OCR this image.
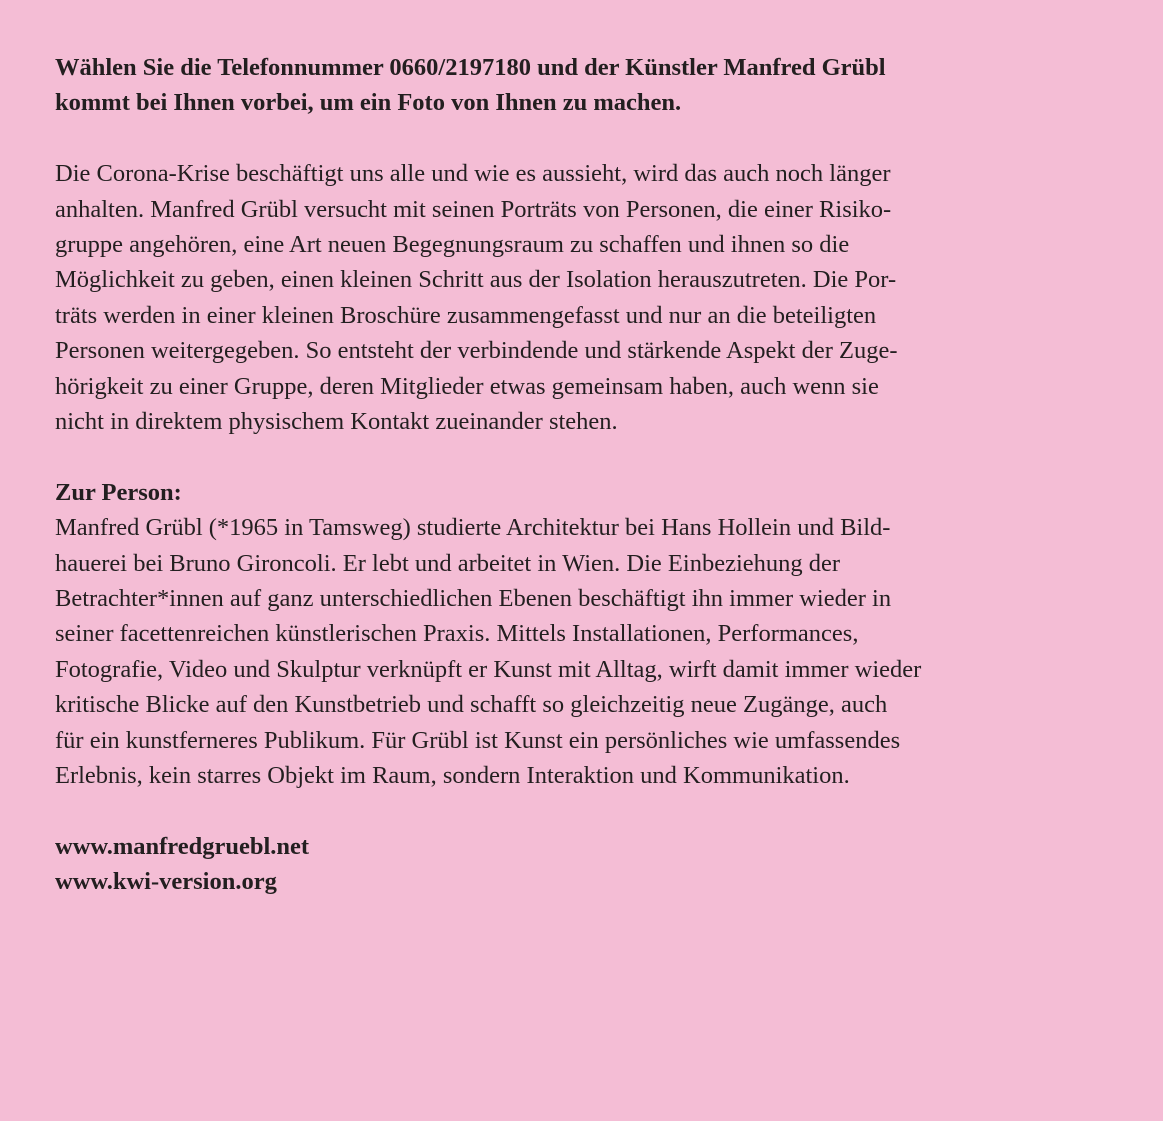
Wählen Sie die Telefonnummer 0660/2197180 und der Künstler Manfred Grübl
kommt bei Ihnen vorbei, um ein Foto von Ihnen zu machen.
Die Corona-Krise beschäftigt uns alle und wie es aussieht, wird das auch noch länger
anhalten. Manfred Grübl versucht mit seinen Porträts von Personen, die einer Risiko-
gruppe angehören, eine Art neuen Begegnungsraum zu schaffen und ihnen so die
Möglichkeit zu geben, einen kleinen Schritt aus der Isolation herauszutreten. Die Por-
träts werden in einer kleinen Broschüre zusammengefasst und nur an die beteiligten
Personen weitergegeben. So entsteht der verbindende und stärkende Aspekt der Zuge-
hörigkeit zu einer Gruppe, deren Mitglieder etwas gemeinsam haben, auch wenn sie
nicht in direktem physischem Kontakt zueinander stehen.
Zur Person:
Manfred Grübl (*1965 in Tamsweg) studierte Architektur bei Hans Hollein und Bild-
hauerei bei Bruno Gironcoli. Er lebt und arbeitet in Wien. Die Einbeziehung der
Betrachter*innen auf ganz unterschiedlichen Ebenen beschäftigt ihn immer wieder in
seiner facettenreichen künstlerischen Praxis. Mittels Installationen, Performances,
Fotografie, Video und Skulptur verknüpft er Kunst mit Alltag, wirft damit immer wieder
kritische Blicke auf den Kunstbetrieb und schafft so gleichzeitig neue Zugänge, auch
für ein kunstferneres Publikum. Für Grübl ist Kunst ein persönliches wie umfassendes
Erlebnis, kein starres Objekt im Raum, sondern Interaktion und Kommunikation.
www.manfredgruebl.net
www.kwi-version.org
